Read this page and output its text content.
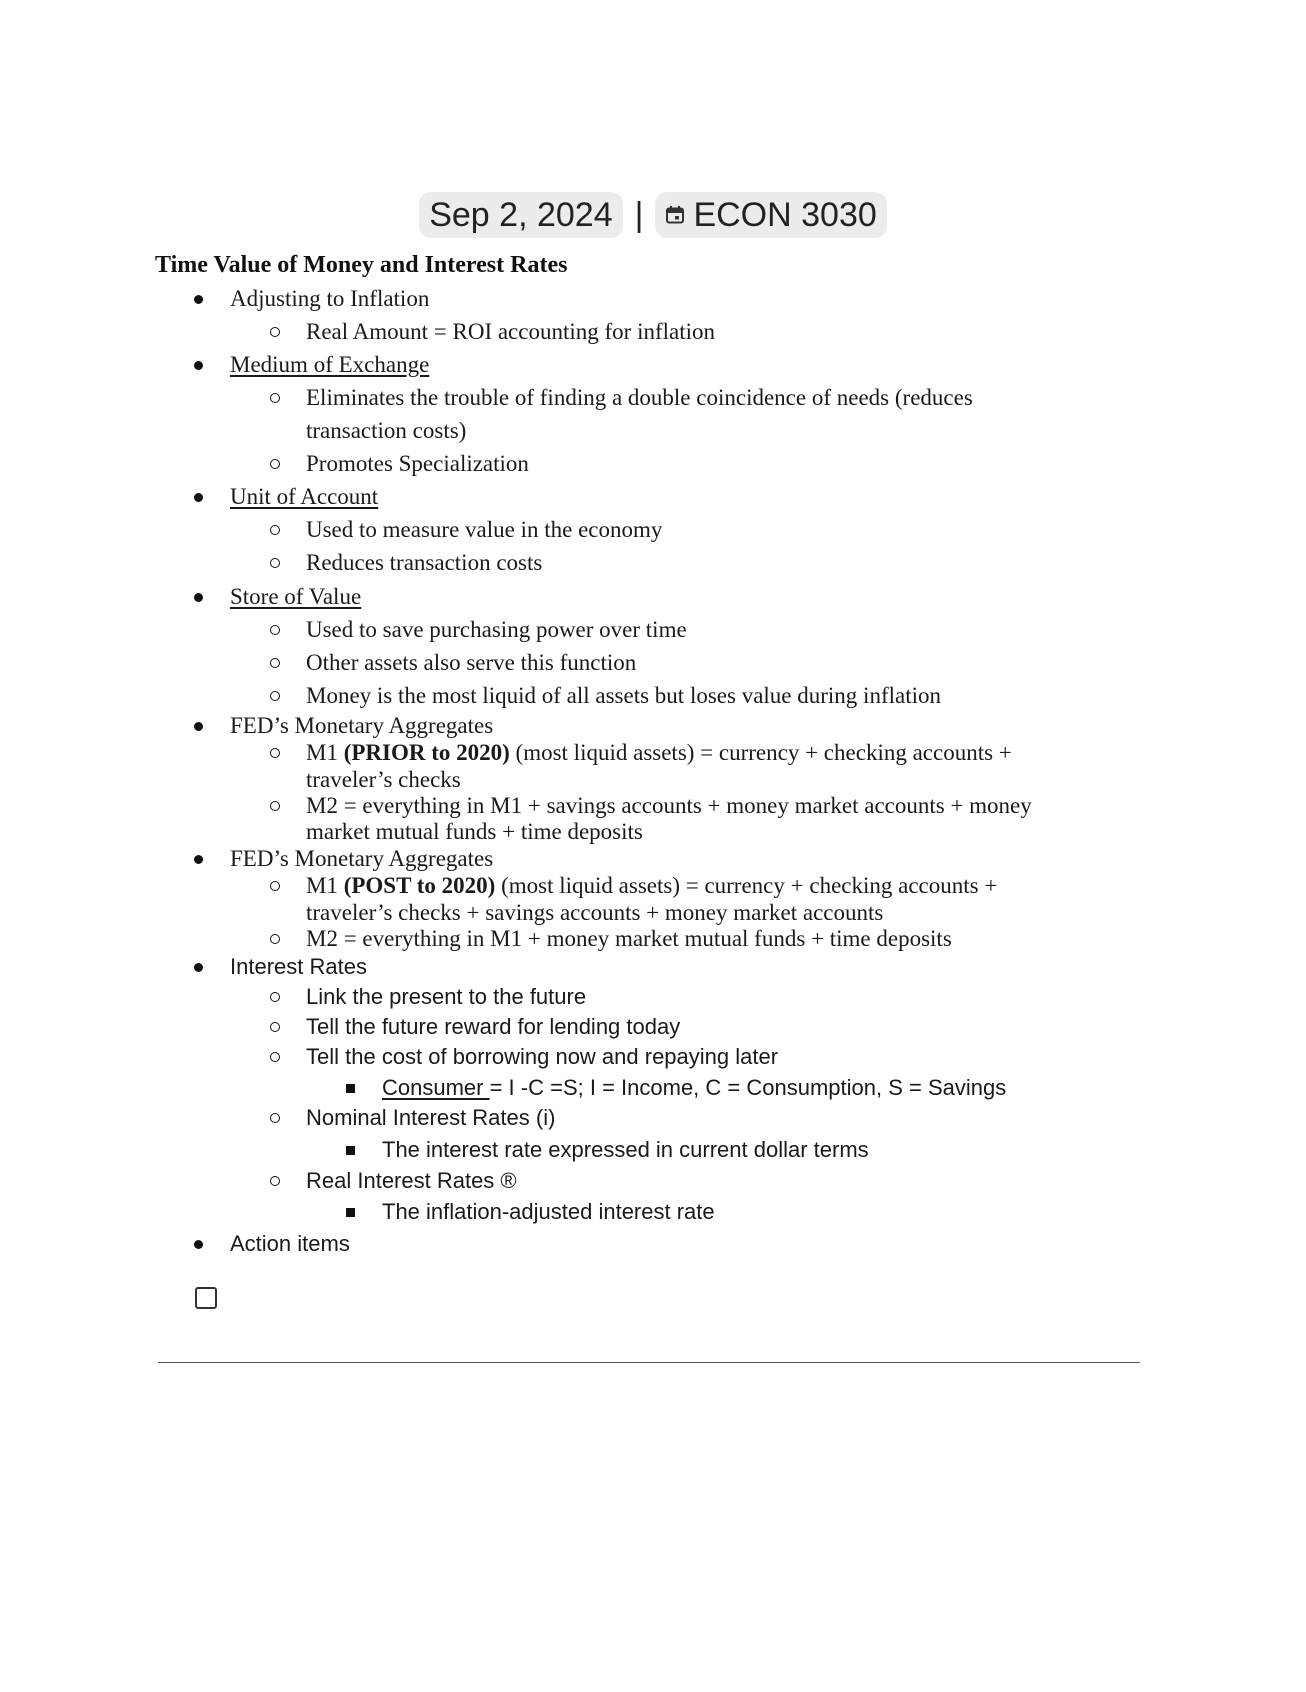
Sep 2, 2024 | ECON 3030
Time Value of Money and Interest Rates
Adjusting to Inflation
Real Amount = ROI accounting for inflation
Medium of Exchange
Eliminates the trouble of finding a double coincidence of needs (reduces
transaction costs)
Promotes Specialization
Unit of Account
Used to measure value in the economy
Reduces transaction costs
Store of Value
Used to save purchasing power over time
Other assets also serve this function
Money is the most liquid of all assets but loses value during inflation
FED’s Monetary Aggregates
M1 (PRIOR to 2020) (most liquid assets) = currency + checking accounts +
traveler’s checks
M2 = everything in M1 + savings accounts + money market accounts + money
market mutual funds + time deposits
FED’s Monetary Aggregates
M1 (POST to 2020) (most liquid assets) = currency + checking accounts +
traveler’s checks + savings accounts + money market accounts
M2 = everything in M1 + money market mutual funds + time deposits
Interest Rates
Link the present to the future
Tell the future reward for lending today
Tell the cost of borrowing now and repaying later
Consumer = I -C =S; I = Income, C = Consumption, S = Savings
Nominal Interest Rates (i)
The interest rate expressed in current dollar terms
Real Interest Rates ®
The inflation-adjusted interest rate
Action items
